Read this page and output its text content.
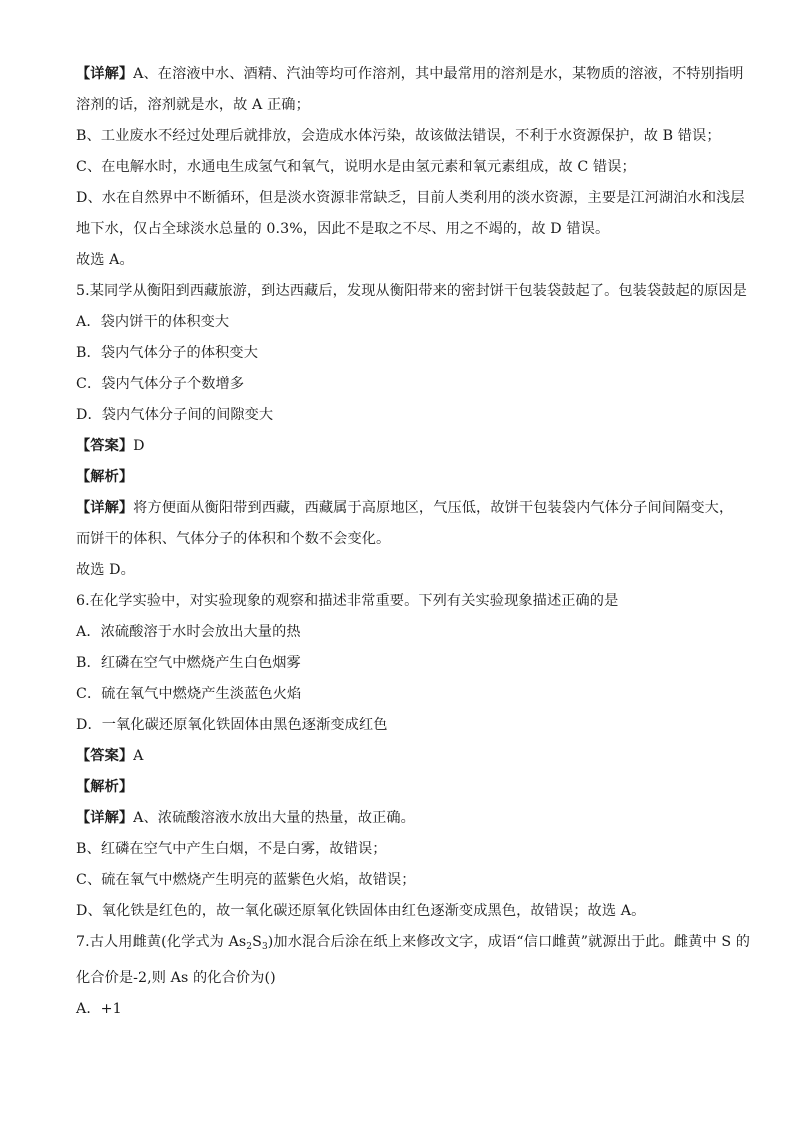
【详解】A、在溶液中水、酒精、汽油等均可作溶剂，其中最常用的溶剂是水，某物质的溶液，不特别指明
溶剂的话，溶剂就是水，故 A 正确；
B、工业废水不经过处理后就排放，会造成水体污染，故该做法错误，不利于水资源保护，故 B 错误；
C、在电解水时，水通电生成氢气和氧气，说明水是由氢元素和氧元素组成，故 C 错误；
D、水在自然界中不断循环，但是淡水资源非常缺乏，目前人类利用的淡水资源，主要是江河湖泊水和浅层
地下水，仅占全球淡水总量的 0.3%，因此不是取之不尽、用之不竭的，故 D 错误。
故选 A。
5.某同学从衡阳到西藏旅游，到达西藏后，发现从衡阳带来的密封饼干包装袋鼓起了。包装袋鼓起的原因是
A．袋内饼干的体积变大
B．袋内气体分子的体积变大
C．袋内气体分子个数增多
D．袋内气体分子间的间隙变大
【答案】D
【解析】
【详解】将方便面从衡阳带到西藏，西藏属于高原地区，气压低，故饼干包装袋内气体分子间间隔变大，
而饼干的体积、气体分子的体积和个数不会变化。
故选 D。
6.在化学实验中，对实验现象的观察和描述非常重要。下列有关实验现象描述正确的是
A．浓硫酸溶于水时会放出大量的热
B．红磷在空气中燃烧产生白色烟雾
C．硫在氧气中燃烧产生淡蓝色火焰
D．一氧化碳还原氧化铁固体由黑色逐渐变成红色
【答案】A
【解析】
【详解】A、浓硫酸溶液水放出大量的热量，故正确。
B、红磷在空气中产生白烟，不是白雾，故错误；
C、硫在氧气中燃烧产生明亮的蓝紫色火焰，故错误；
D、氧化铁是红色的，故一氧化碳还原氧化铁固体由红色逐渐变成黑色，故错误；故选 A。
7.古人用雌黄(化学式为 $As_2S_3$)加水混合后涂在纸上来修改文字，成语“信口雌黄”就源出于此。雌黄中 S 的
化合价是-2,则 As 的化合价为()
A．+1
